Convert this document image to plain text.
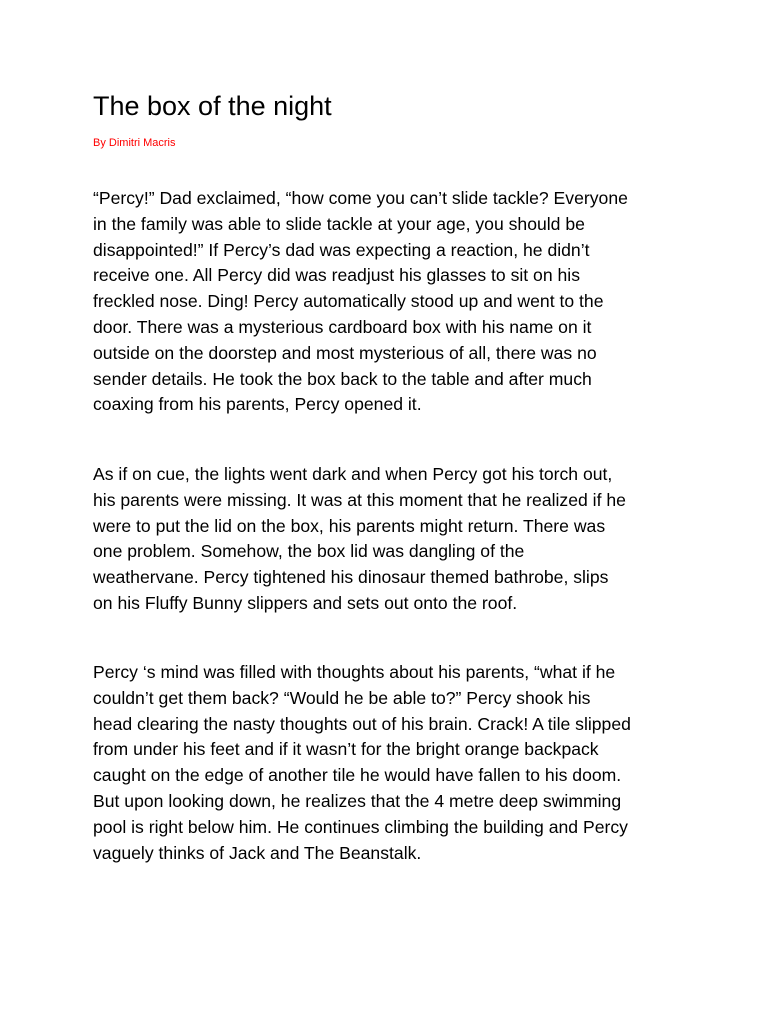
The box of the night
By Dimitri Macris
“Percy!” Dad exclaimed, “how come you can’t slide tackle? Everyone
in the family was able to slide tackle at your age, you should be
disappointed!” If Percy’s dad was expecting a reaction, he didn’t
receive one. All Percy did was readjust his glasses to sit on his
freckled nose. Ding! Percy automatically stood up and went to the
door. There was a mysterious cardboard box with his name on it
outside on the doorstep and most mysterious of all, there was no
sender details. He took the box back to the table and after much
coaxing from his parents, Percy opened it.
As if on cue, the lights went dark and when Percy got his torch out,
his parents were missing. It was at this moment that he realized if he
were to put the lid on the box, his parents might return. There was
one problem. Somehow, the box lid was dangling of the
weathervane. Percy tightened his dinosaur themed bathrobe, slips
on his Fluffy Bunny slippers and sets out onto the roof.
Percy ‘s mind was filled with thoughts about his parents, “what if he
couldn’t get them back? “Would he be able to?” Percy shook his
head clearing the nasty thoughts out of his brain. Crack! A tile slipped
from under his feet and if it wasn’t for the bright orange backpack
caught on the edge of another tile he would have fallen to his doom.
But upon looking down, he realizes that the 4 metre deep swimming
pool is right below him. He continues climbing the building and Percy
vaguely thinks of Jack and The Beanstalk.
